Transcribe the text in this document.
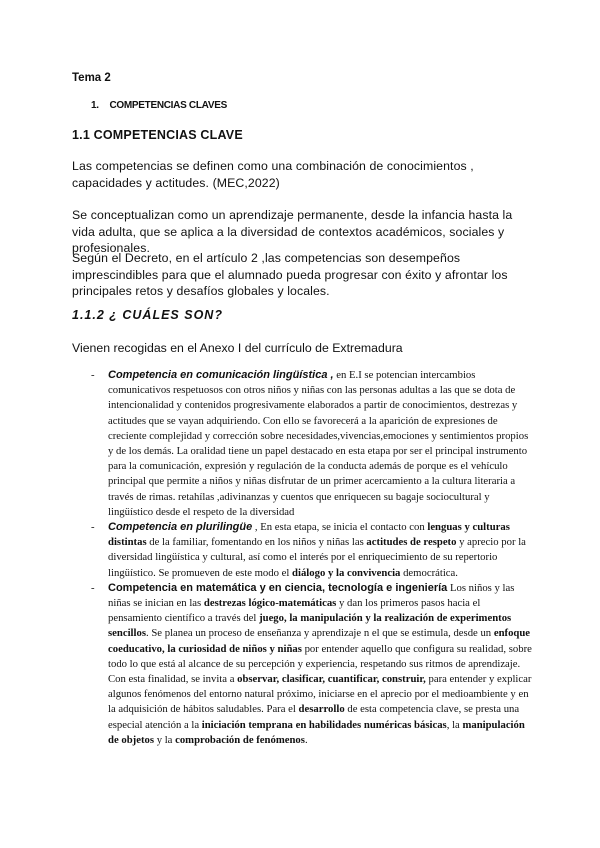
Tema 2
1. COMPETENCIAS CLAVES
1.1 COMPETENCIAS CLAVE
Las competencias se definen como una combinación de conocimientos , capacidades y actitudes. (MEC,2022)
Se conceptualizan como un aprendizaje permanente, desde la infancia hasta la vida adulta, que se aplica a la diversidad de contextos académicos, sociales y profesionales.
Según el Decreto, en el artículo 2 ,las competencias son desempeños imprescindibles para que el alumnado pueda progresar con éxito y afrontar los principales retos y desafíos globales y locales.
1.1.2 ¿ CUÁLES SON?
Vienen recogidas en el Anexo I del currículo de Extremadura
- Competencia en comunicación lingüística , en E.I se potencian intercambios comunicativos respetuosos con otros niños y niñas con las personas adultas a las que se dota de intencionalidad y contenidos progresivamente elaborados a partir de conocimientos, destrezas y actitudes que se vayan adquiriendo. Con ello se favorecerá a la aparición de expresiones de creciente complejidad y corrección sobre necesidades,vivencias,emociones y sentimientos propios y de los demás. La oralidad tiene un papel destacado en esta etapa por ser el principal instrumento para la comunicación, expresión y regulación de la conducta además de porque es el vehículo principal que permite a niños y niñas disfrutar de un primer acercamiento a la cultura literaria a través de rimas. retahílas ,adivinanzas y cuentos que enriquecen su bagaje sociocultural y lingüístico desde el respeto de la diversidad
- Competencia en plurilingüe , En esta etapa, se inicia el contacto con lenguas y culturas distintas de la familiar, fomentando en los niños y niñas las actitudes de respeto y aprecio por la diversidad lingüística y cultural, así como el interés por el enriquecimiento de su repertorio lingüístico. Se promueven de este modo el diálogo y la convivencia democrática.
- Competencia en matemática y en ciencia, tecnología e ingeniería Los niños y las niñas se inician en las destrezas lógico-matemáticas y dan los primeros pasos hacia el pensamiento científico a través del juego, la manipulación y la realización de experimentos sencillos. Se planea un proceso de enseñanza y aprendizaje n el que se estimula, desde un enfoque coeducativo, la curiosidad de niños y niñas por entender aquello que configura su realidad, sobre todo lo que está al alcance de su percepción y experiencia, respetando sus ritmos de aprendizaje.
Con esta finalidad, se invita a observar, clasificar, cuantificar, construir, para entender y explicar algunos fenómenos del entorno natural próximo, iniciarse en el aprecio por el medioambiente y en la adquisición de hábitos saludables. Para el desarrollo de esta competencia clave, se presta una especial atención a la iniciación temprana en habilidades numéricas básicas, la manipulación de objetos y la comprobación de fenómenos.
